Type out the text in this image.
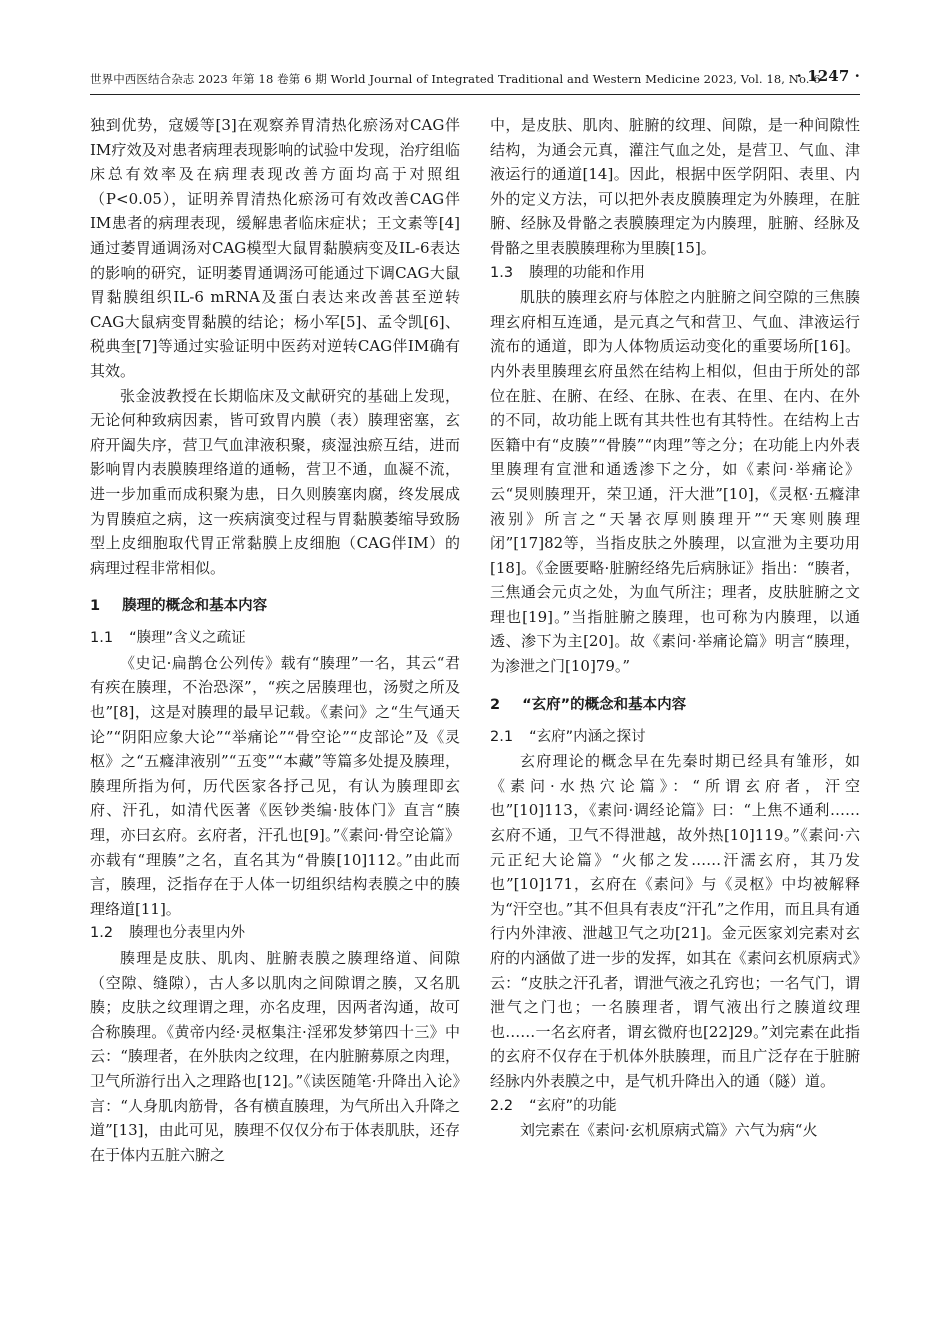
世界中西医结合杂志 2023 年第 18 卷第 6 期 World Journal of Integrated Traditional and Western Medicine 2023, Vol. 18, No. 6
· 1247 ·

独到优势，寇媛等[3]在观察养胃清热化瘀汤对CAG伴IM疗效及对患者病理表现影响的试验中发现，治疗组临床总有效率及在病理表现改善方面均高于对照组（P<0.05），证明养胃清热化瘀汤可有效改善CAG伴IM患者的病理表现，缓解患者临床症状；王文素等[4]通过萎胃通调汤对CAG模型大鼠胃黏膜病变及IL-6表达的影响的研究，证明萎胃通调汤可能通过下调CAG大鼠胃黏膜组织IL-6 mRNA及蛋白表达来改善甚至逆转CAG大鼠病变胃黏膜的结论；杨小军[5]、孟令凯[6]、税典奎[7]等通过实验证明中医药对逆转CAG伴IM确有其效。

张金波教授在长期临床及文献研究的基础上发现，无论何种致病因素，皆可致胃内膜（表）腠理密塞，玄府开阖失序，营卫气血津液积聚，痰湿浊瘀互结，进而影响胃内表膜腠理络道的通畅，营卫不通，血凝不流，进一步加重而成积聚为患，日久则腠塞肉腐，终发展成为胃腠疸之病，这一疾病演变过程与胃黏膜萎缩导致肠型上皮细胞取代胃正常黏膜上皮细胞（CAG伴IM）的病理过程非常相似。

1 腠理的概念和基本内容
1.1 “腠理”含义之疏证

《史记·扁鹊仓公列传》载有“腠理”一名，其云“君有疾在腠理，不治恐深”，“疾之居腠理也，汤熨之所及也”[8]，这是对腠理的最早记载。《素问》之“生气通天论”“阴阳应象大论”“举痛论”“骨空论”“皮部论”及《灵枢》之“五癃津液别”“五变”“本藏”等篇多处提及腠理，腠理所指为何，历代医家各抒己见，有认为腠理即玄府、汗孔，如清代医著《医钞类编·肢体门》直言“腠理，亦曰玄府。玄府者，汗孔也[9]。”《素问·骨空论篇》亦载有“理腠”之名，直名其为“骨腠[10]112。”由此而言，腠理，泛指存在于人体一切组织结构表膜之中的腠理络道[11]。

1.2 腠理也分表里内外

腠理是皮肤、肌肉、脏腑表膜之腠理络道、间隙（空隙、缝隙），古人多以肌肉之间隙谓之腠，又名肌腠；皮肤之纹理谓之理，亦名皮理，因两者沟通，故可合称腠理。《黄帝内经·灵枢集注·淫邪发梦第四十三》中云：“腠理者，在外肤肉之纹理，在内脏腑募原之肉理，卫气所游行出入之理路也[12]。”《读医随笔·升降出入论》言：“人身肌肉筋骨，各有横直腠理，为气所出入升降之道”[13]，由此可见，腠理不仅仅分布于体表肌肤，还存在于体内五脏六腑之

中，是皮肤、肌肉、脏腑的纹理、间隙，是一种间隙性结构，为通会元真，灌注气血之处，是营卫、气血、津液运行的通道[14]。因此，根据中医学阴阳、表里、内外的定义方法，可以把外表皮膜腠理定为外腠理，在脏腑、经脉及骨骼之表膜腠理定为内腠理，脏腑、经脉及骨骼之里表膜腠理称为里腠[15]。

1.3 腠理的功能和作用

肌肤的腠理玄府与体腔之内脏腑之间空隙的三焦腠理玄府相互连通，是元真之气和营卫、气血、津液运行流布的通道，即为人体物质运动变化的重要场所[16]。内外表里腠理玄府虽然在结构上相似，但由于所处的部位在脏、在腑、在经、在脉、在表、在里、在内、在外的不同，故功能上既有其共性也有其特性。在结构上古医籍中有“皮腠”“骨腠”“肉理”等之分；在功能上内外表里腠理有宣泄和通透渗下之分，如《素问·举痛论》云“炅则腠理开，荣卫通，汗大泄”[10]，《灵枢·五癃津液别》所言之“天暑衣厚则腠理开”“天寒则腠理闭”[17]82等，当指皮肤之外腠理，以宣泄为主要功用[18]。《金匮要略·脏腑经络先后病脉证》指出：“腠者，三焦通会元贞之处，为血气所注；理者，皮肤脏腑之文理也[19]。”当指脏腑之腠理，也可称为内腠理，以通透、渗下为主[20]。故《素问·举痛论篇》明言“腠理，为渗泄之门[10]79。”

2 “玄府”的概念和基本内容
2.1 “玄府”内涵之探讨

玄府理论的概念早在先秦时期已经具有雏形，如《素问·水热穴论篇》：“所谓玄府者，汗空也”[10]113，《素问·调经论篇》曰：“上焦不通利……玄府不通，卫气不得泄越，故外热[10]119。”《素问·六元正纪大论篇》“火郁之发……汗濡玄府，其乃发也”[10]171，玄府在《素问》与《灵枢》中均被解释为“汗空也。”其不但具有表皮“汗孔”之作用，而且具有通行内外津液、泄越卫气之功[21]。金元医家刘完素对玄府的内涵做了进一步的发挥，如其在《素问玄机原病式》云：“皮肤之汗孔者，谓泄气液之孔窍也；一名气门，谓泄气之门也；一名腠理者，谓气液出行之腠道纹理也……一名玄府者，谓玄微府也[22]29。”刘完素在此指的玄府不仅存在于机体外肤腠理，而且广泛存在于脏腑经脉内外表膜之中，是气机升降出入的通（隧）道。

2.2 “玄府”的功能

刘完素在《素问·玄机原病式篇》六气为病“火
